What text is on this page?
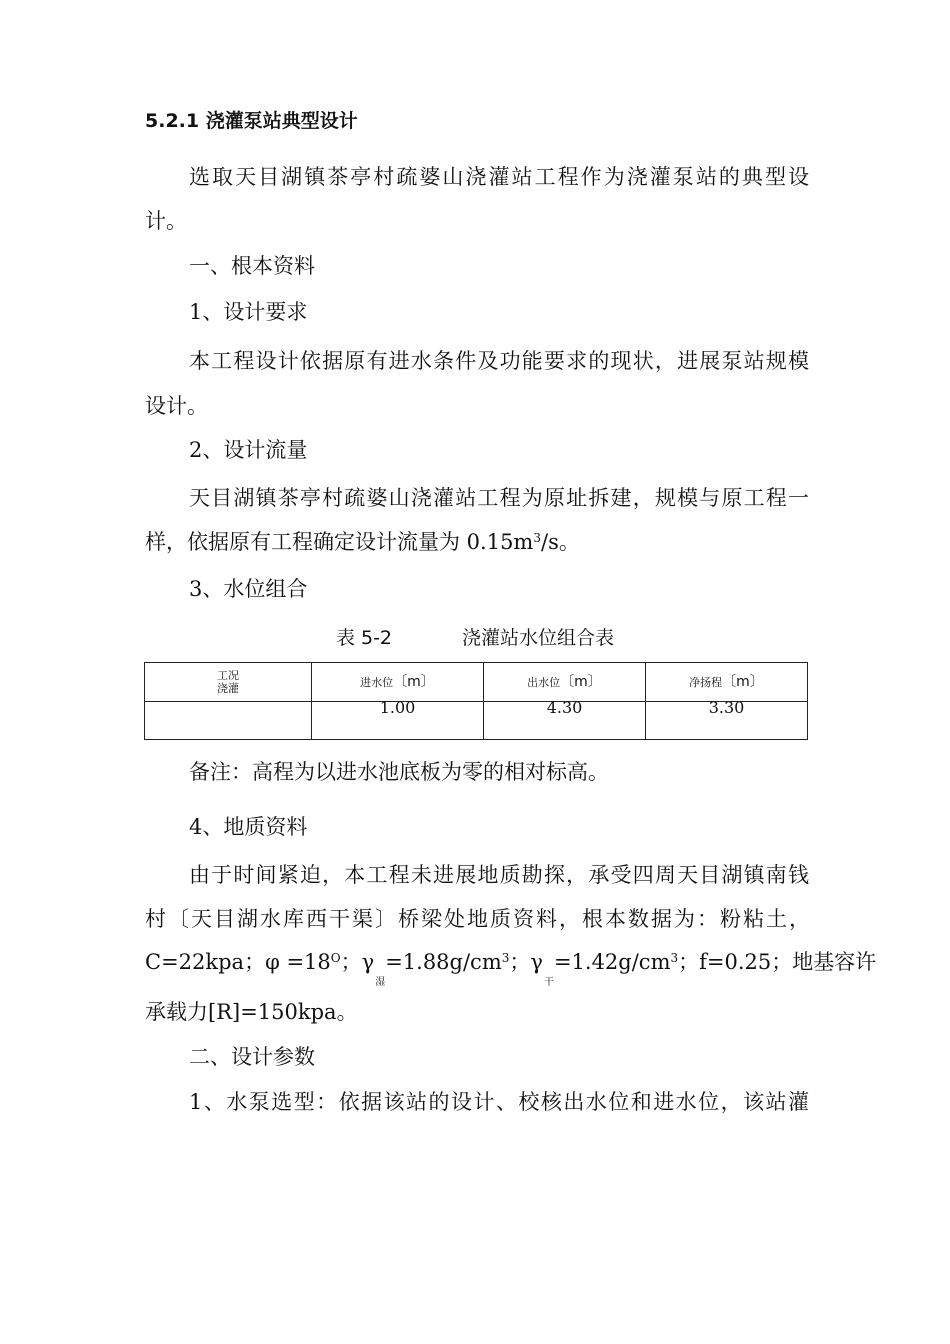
5.2.1 浇灌泵站典型设计
选取天目湖镇茶亭村疏婆山浇灌站工程作为浇灌泵站的典型设
计。
一、根本资料
1、设计要求
本工程设计依据原有进水条件及功能要求的现状，进展泵站规模
设计。
2、设计流量
天目湖镇茶亭村疏婆山浇灌站工程为原址拆建，规模与原工程一
样，依据原有工程确定设计流量为 $0.15m^3/s$。
3、水位组合
表 5-2	浇灌站水位组合表
工况
浇灌	进水位〔m〕	出水位〔m〕	净扬程〔m〕
	1.00	4.30	3.30
备注：高程为以进水池底板为零的相对标高。
4、地质资料
由于时间紧迫，本工程未进展地质勘探，承受四周天目湖镇南钱
村〔天目湖水库西干渠〕桥梁处地质资料，根本数据为：粉粘土，
C=22kpa；$\varphi =18^O$；$\gamma_湿=1.88g/cm^3$；$\gamma_干=1.42g/cm^3$；f=0.25；地基容许
承载力[R]=150kpa。
二、设计参数
1、水泵选型：依据该站的设计、校核出水位和进水位，该站灌
